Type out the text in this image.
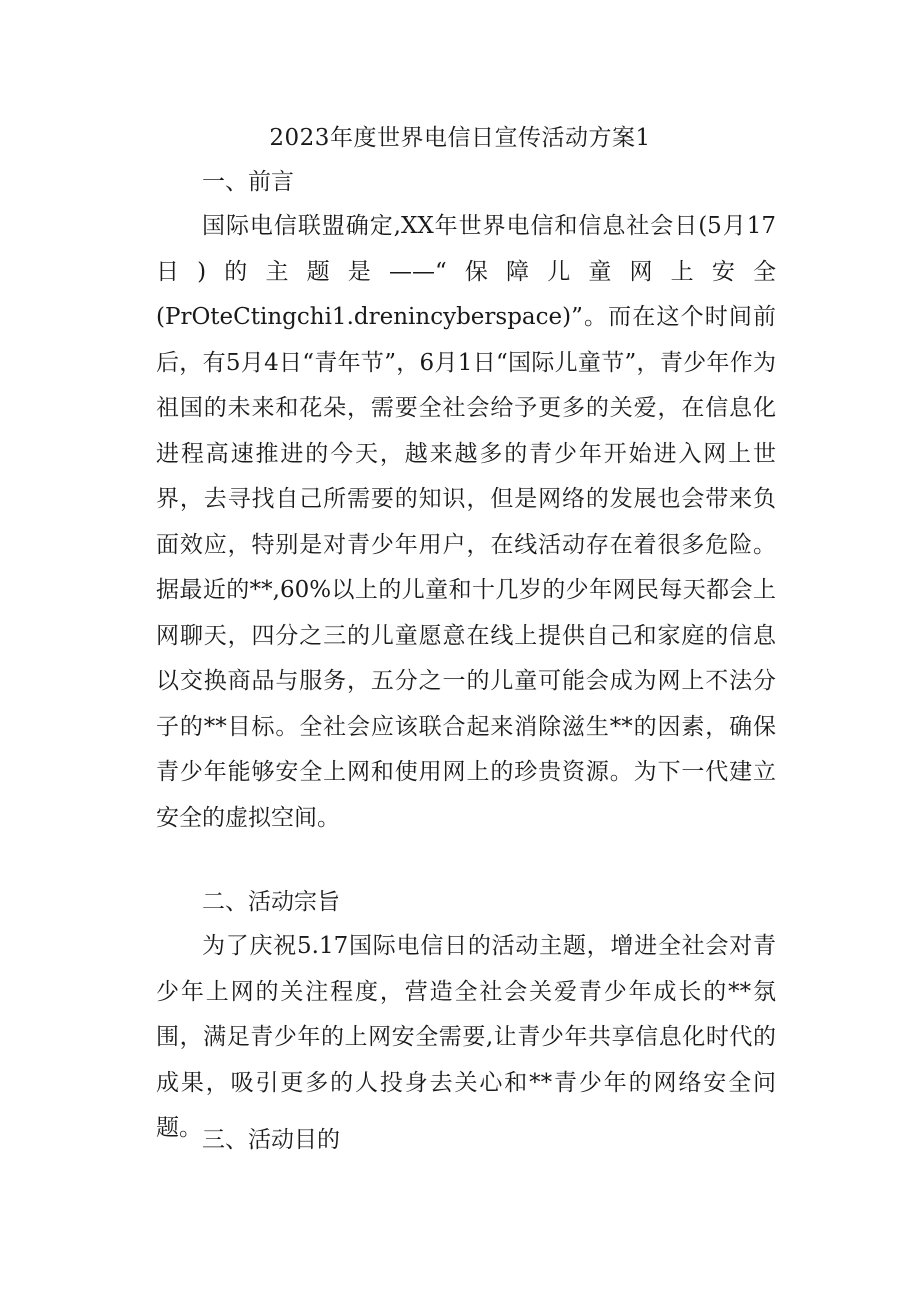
2023年度世界电信日宣传活动方案1
一、前言

国际电信联盟确定,XX年世界电信和信息社会日(5月17日)的主题是——“保障儿童网上安全(PrOteCtingchi1.drenincyberspace)”。而在这个时间前后，有5月4日“青年节”，6月1日“国际儿童节”，青少年作为祖国的未来和花朵，需要全社会给予更多的关爱，在信息化进程高速推进的今天，越来越多的青少年开始进入网上世界，去寻找自己所需要的知识，但是网络的发展也会带来负面效应，特别是对青少年用户，在线活动存在着很多危险。据最近的**,60%以上的儿童和十几岁的少年网民每天都会上网聊天，四分之三的儿童愿意在线上提供自己和家庭的信息以交换商品与服务，五分之一的儿童可能会成为网上不法分子的**目标。全社会应该联合起来消除滋生**的因素，确保青少年能够安全上网和使用网上的珍贵资源。为下一代建立安全的虚拟空间。

二、活动宗旨

为了庆祝5.17国际电信日的活动主题，增进全社会对青少年上网的关注程度，营造全社会关爱青少年成长的**氛围，满足青少年的上网安全需要,让青少年共享信息化时代的成果，吸引更多的人投身去关心和**青少年的网络安全问题。 三、活动目的
